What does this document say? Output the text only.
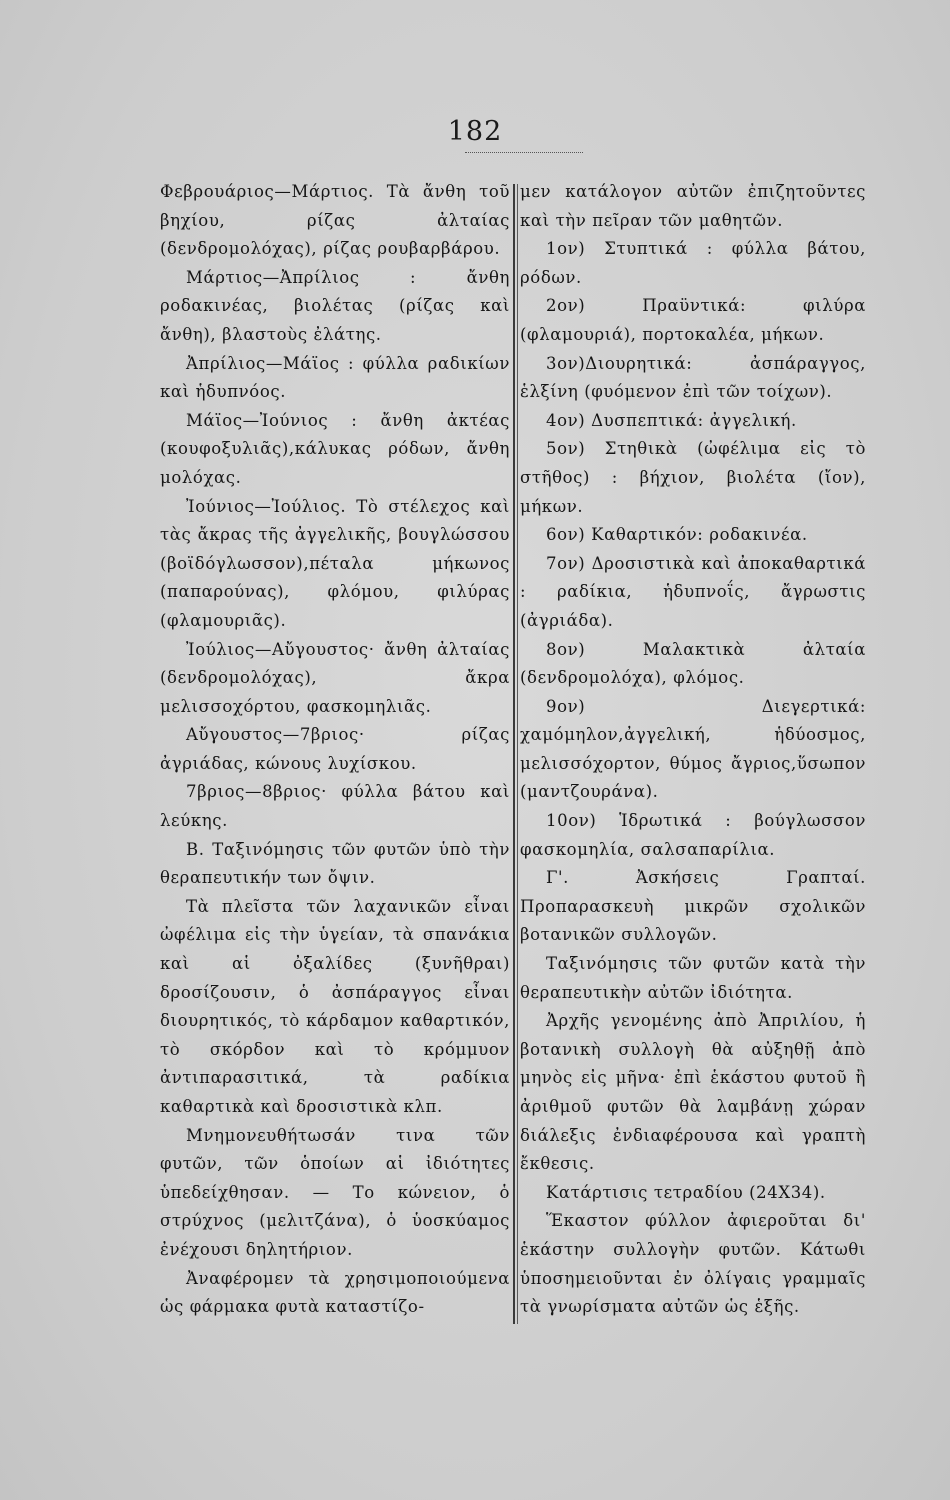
182

Φεβρουάριος—Μάρτιος. Τὰ ἄνθη τοῦ βηχίου, ρίζας ἀλταίας (δενδρομολόχας), ρίζας ρουβαρβάρου.

Μάρτιος—Ἀπρίλιος : ἄνθη ροδακινέας, βιολέτας (ρίζας καὶ ἄνθη), βλαστοὺς ἐλάτης.

Ἀπρίλιος—Μάϊος : φύλλα ραδικίων καὶ ἡδυπνόος.

Μάϊος—Ἰούνιος : ἄνθη ἀκτέας (κουφοξυλιᾶς),κάλυκας ρόδων, ἄνθη μολόχας.

Ἰούνιος—Ἰούλιος. Τὸ στέλεχος καὶ τὰς ἄκρας τῆς ἀγγελικῆς, βουγλώσσου (βοϊδόγλωσσον),πέταλα μήκωνος (παπαρούνας), φλόμου, φιλύρας (φλαμουριᾶς).

Ἰούλιος—Αὔγουστος· ἄνθη ἀλταίας (δενδρομολόχας), ἄκρα μελισσοχόρτου, φασκομηλιᾶς.

Αὔγουστος—7βριος· ρίζας ἀγριάδας, κώνους λυχίσκου.

7βριος—8βριος· φύλλα βάτου καὶ λεύκης.

Β. Ταξινόμησις τῶν φυτῶν ὑπὸ τὴν θεραπευτικήν των ὄψιν.

Τὰ πλεῖστα τῶν λαχανικῶν εἶναι ὠφέλιμα εἰς τὴν ὑγείαν, τὰ σπανάκια καὶ αἱ ὀξαλίδες (ξυνῆθραι) δροσίζουσιν, ὁ ἀσπάραγγος εἶναι διουρητικός, τὸ κάρδαμον καθαρτικόν, τὸ σκόρδον καὶ τὸ κρόμμυον ἀντιπαρασιτικά, τὰ ραδίκια καθαρτικὰ καὶ δροσιστικὰ κλπ.

Μνημονευθήτωσάν τινα τῶν φυτῶν, τῶν ὁποίων αἱ ἰδιότητες ὑπεδείχθησαν. — Το κώνειον, ὁ στρύχνος (μελιτζάνα), ὁ ὑοσκύαμος ἐνέχουσι δηλητήριον.

Ἀναφέρομεν τὰ χρησιμοποιούμενα ὡς φάρμακα φυτὰ καταστίζο-

μεν κατάλογον αὐτῶν ἐπιζητοῦντες καὶ τὴν πεῖραν τῶν μαθητῶν.

1ον) Στυπτικά : φύλλα βάτου, ρόδων.

2ον) Πραϋντικά: φιλύρα (φλαμουριά), πορτοκαλέα, μήκων.

3ον)Διουρητικά: ἀσπάραγγος, ἑλξίνη (φυόμενον ἐπὶ τῶν τοίχων).

4ον) Δυσπεπτικά: ἀγγελική.

5ον) Στηθικὰ (ὠφέλιμα εἰς τὸ στῆθος) : βήχιον, βιολέτα (ἴον), μήκων.

6ον) Καθαρτικόν: ροδακινέα.

7ον) Δροσιστικὰ καὶ ἀποκαθαρτικά : ραδίκια, ἡδυπνοΐς, ἄγρωστις (ἀγριάδα).

8ον) Μαλακτικὰ ἀλταία (δενδρομολόχα), φλόμος.

9ον) Διεγερτικά: χαμόμηλον,ἀγγελική, ἡδύοσμος, μελισσόχορτον, θύμος ἄγριος,ὕσωπον (μαντζουράνα).

10ον) Ἱδρωτικά : βούγλωσσον φασκομηλία, σαλσαπαρίλια.

Γ'. Ἀσκήσεις Γραπταί. Προπαρασκευὴ μικρῶν σχολικῶν βοτανικῶν συλλογῶν.

Ταξινόμησις τῶν φυτῶν κατὰ τὴν θεραπευτικὴν αὐτῶν ἰδιότητα.

Ἀρχῆς γενομένης ἀπὸ Ἀπριλίου, ἡ βοτανικὴ συλλογὴ θὰ αὐξηθῇ ἀπὸ μηνὸς εἰς μῆνα· ἐπὶ ἑκάστου φυτοῦ ἢ ἀριθμοῦ φυτῶν θὰ λαμβάνῃ χώραν διάλεξις ἐνδιαφέρουσα καὶ γραπτὴ ἔκθεσις.

Κατάρτισις τετραδίου (24X34).

Ἕκαστον φύλλον ἀφιεροῦται δι' ἑκάστην συλλογὴν φυτῶν. Κάτωθι ὑποσημειοῦνται ἐν ὀλίγαις γραμμαῖς τὰ γνωρίσματα αὐτῶν ὡς ἑξῆς.
